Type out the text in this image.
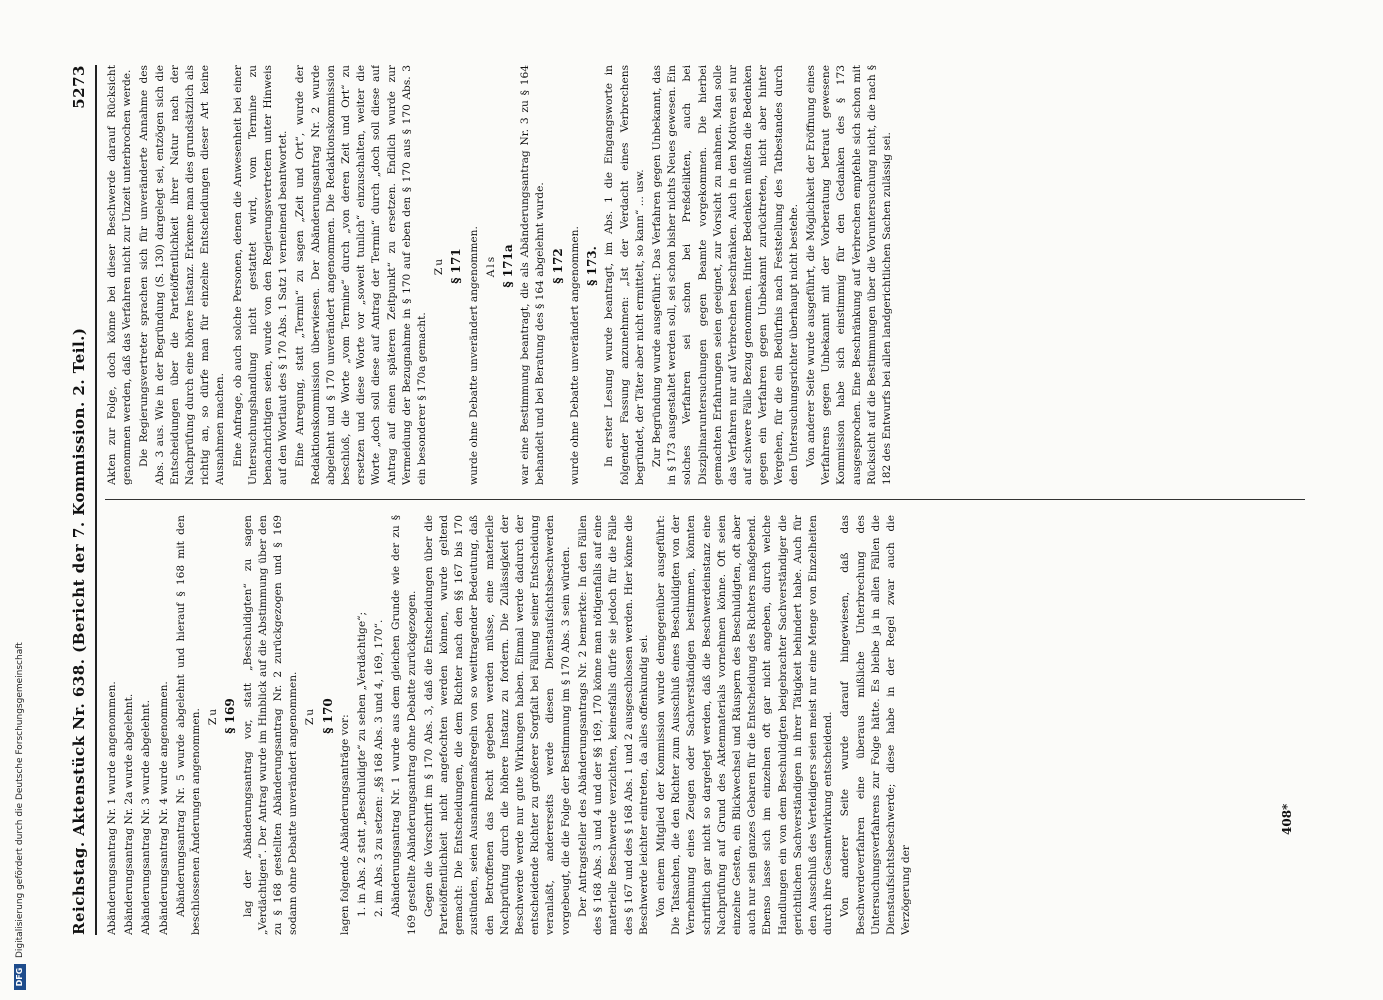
Reichstag. Aktenstück Nr. 638. (Bericht der 7. Kommission. 2. Teil.)
5273

Abänderungsantrag Nr. 1 wurde angenommen. Abänderungsantrag Nr. 2a wurde abgelehnt. Abänderungsantrag Nr. 3 wurde abgelehnt. Abänderungsantrag Nr. 4 wurde angenommen. Abänderungsantrag Nr. 5 wurde abgelehnt und hierauf § 168 mit den beschlossenen Änderungen angenommen. Zu § 169 lag der Abänderungsantrag vor, statt „Beschuldigten“ zu sagen „Verdächtigen“. Der Antrag wurde im Hinblick auf die Abstimmung über den zu § 168 gestellten Abänderungsantrag Nr. 2 zurückgezogen und § 169 sodann ohne Debatte unverändert angenommen. Zu § 170 lagen folgende Abänderungsanträge vor: 1. in Abs. 2 statt „Beschuldigte“ zu sehen „Verdächtige“; 2. im Abs. 3 zu setzen: „§§ 168 Abs. 3 und 4, 169, 170“. Abänderungsantrag Nr. 1 wurde aus dem gleichen Grunde wie der zu § 169 gestellte Abänderungsantrag ohne Debatte zurückgezogen. Gegen die Vorschrift im § 170 Abs. 3, daß die Entscheidungen über die Parteiöffentlichkeit nicht angefochten werden können, wurde geltend gemacht: Die Entscheidungen, die dem Richter nach den §§ 167 bis 170 zustünden, seien Ausnahmemaßregeln von so weittragender Bedeutung, daß den Betroffenen das Recht gegeben werden müsse, eine materielle Nachprüfung durch die höhere Instanz zu fordern. Die Zulässigkeit der Beschwerde werde nur gute Wirkungen haben. Einmal werde dadurch der entscheidende Richter zu größerer Sorgfalt bei Fällung seiner Entscheidung veranlaßt, andererseits werde diesen Dienstaufsichtsbeschwerden vorgebeugt, die die Folge der Bestimmung im § 170 Abs. 3 sein würden. Der Antragsteller des Abänderungsantrags Nr. 2 bemerkte: In den Fällen des § 168 Abs. 3 und 4 und der §§ 169, 170 könne man nötigenfalls auf eine materielle Beschwerde verzichten, keinesfalls dürfe sie jedoch für die Fälle des § 167 und des § 168 Abs. 1 und 2 ausgeschlossen werden. Hier könne die Beschwerde leichter eintreten, da alles offenkundig sei. Von einem Mitglied der Kommission wurde demgegenüber ausgeführt: Die Tatsachen, die den Richter zum Ausschluß eines Beschuldigten von der Vernehmung eines Zeugen oder Sachverständigen bestimmen, könnten schriftlich gar nicht so dargelegt werden, daß die Beschwerdeinstanz eine Nachprüfung auf Grund des Aktenmaterials vornehmen könne. Oft seien einzelne Gesten, ein Blickwechsel und Räuspern des Beschuldigten, oft aber auch nur sein ganzes Gebaren für die Entscheidung des Richters maßgebend. Ebenso lasse sich im einzelnen oft gar nicht angeben, durch welche Handlungen ein von dem Beschuldigten beigebrachter Sachverständiger die gerichtlichen Sachverständigen in ihrer Tätigkeit behindert habe. Auch für den Ausschluß des Verteidigers seien meist nur eine Menge von Einzelheiten durch ihre Gesamtwirkung entscheidend. Von anderer Seite wurde darauf hingewiesen, daß das Beschwerdeverfahren eine überaus mißliche Unterbrechung des Untersuchungsverfahrens zur Folge hätte. Es bleibe ja in allen Fällen die Dienstaufsichtsbeschwerde; diese habe in der Regel zwar auch die Verzögerung der

Akten zur Folge, doch könne bei dieser Beschwerde darauf Rücksicht genommen werden, daß das Verfahren nicht zur Unzeit unterbrochen werde. Die Regierungsvertreter sprachen sich für unveränderte Annahme des Abs. 3 aus. Wie in der Begründung (S. 130) dargelegt sei, entzögen sich die Entscheidungen über die Parteiöffentlichkeit ihrer Natur nach der Nachprüfung durch eine höhere Instanz. Erkenne man dies grundsätzlich als richtig an, so dürfe man für einzelne Entscheidungen dieser Art keine Ausnahmen machen. Eine Anfrage, ob auch solche Personen, denen die Anwesenheit bei einer Untersuchungshandlung nicht gestattet wird, vom Termine zu benachrichtigen seien, wurde von den Regierungsvertretern unter Hinweis auf den Wortlaut des § 170 Abs. 1 Satz 1 verneinend beantwortet. Eine Anregung, statt „Termin“ zu sagen „Zeit und Ort“, wurde der Redaktionskommission überwiesen. Der Abänderungsantrag Nr. 2 wurde abgelehnt und § 170 unverändert angenommen. Die Redaktionskommission beschloß, die Worte „vom Termine“ durch „von deren Zeit und Ort“ zu ersetzen und diese Worte vor „soweit tunlich“ einzuschalten, weiter die Worte „doch soll diese auf Antrag der Termin“ durch „doch soll diese auf Antrag auf einen späteren Zeitpunkt“ zu ersetzen. Endlich wurde zur Vermeidung der Bezugnahme in § 170 auf eben den § 170 aus § 170 Abs. 3 ein besonderer § 170a gemacht.

Zu § 171 wurde ohne Debatte unverändert angenommen. Als § 171a war eine Bestimmung beantragt, die als Abänderungsantrag Nr. 3 zu § 164 behandelt und bei Beratung des § 164 abgelehnt wurde. § 172 wurde ohne Debatte unverändert angenommen. § 173. In erster Lesung wurde beantragt, im Abs. 1 die Eingangsworte in folgender Fassung anzunehmen: „Ist der Verdacht eines Verbrechens begründet, der Täter aber nicht ermittelt, so kann“ ... usw. Zur Begründung wurde ausgeführt: Das Verfahren gegen Unbekannt, das in § 173 ausgestaltet werden soll, sei schon bisher nichts Neues gewesen. Ein solches Verfahren sei schon bei Preßdelikten, auch bei Disziplinaruntersuchungen gegen Beamte vorgekommen. Die hierbei gemachten Erfahrungen seien geeignet, zur Vorsicht zu mahnen. Man solle das Verfahren nur auf Verbrechen beschränken. Auch in den Motiven sei nur auf schwere Fälle Bezug genommen. Hinter Bedenken müßten die Bedenken gegen ein Verfahren gegen Unbekannt zurücktreten, nicht aber hinter Vergehen, für die ein Bedürfnis nach Feststellung des Tatbestandes durch den Untersuchungsrichter überhaupt nicht bestehe. Von anderer Seite wurde ausgeführt, die Möglichkeit der Eröffnung eines Verfahrens gegen Unbekannt mit der Vorberatung betraut gewesene Kommission habe sich einstimmig für den Gedanken des § 173 ausgesprochen. Eine Beschränkung auf Verbrechen empfehle sich schon mit Rücksicht auf die Bestimmungen über die Voruntersuchung nicht, die nach § 182 des Entwurfs bei allen landgerichtlichen Sachen zulässig sei.

408*
DFG
Digitalisierung gefördert durch die Deutsche Forschungsgemeinschaft
